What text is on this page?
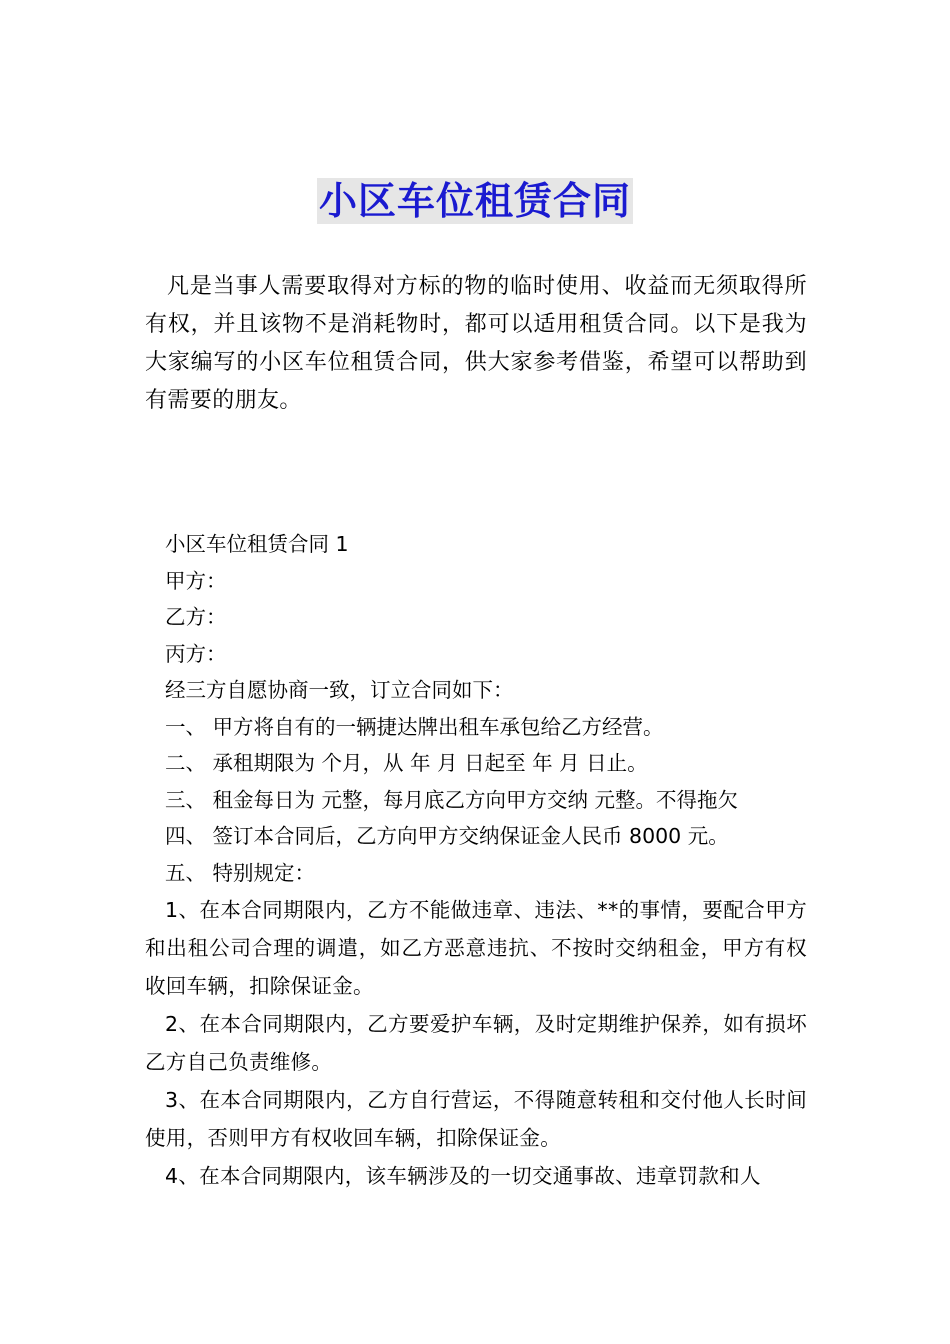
小区车位租赁合同

凡是当事人需要取得对方标的物的临时使用、收益而无须取得所有权，并且该物不是消耗物时，都可以适用租赁合同。以下是我为大家编写的小区车位租赁合同，供大家参考借鉴，希望可以帮助到有需要的朋友。

小区车位租赁合同 1
甲方：
乙方：
丙方：
经三方自愿协商一致，订立合同如下：
一、 甲方将自有的一辆捷达牌出租车承包给乙方经营。
二、 承租期限为 个月，从 年 月 日起至 年 月 日止。
三、 租金每日为 元整，每月底乙方向甲方交纳 元整。不得拖欠
四、 签订本合同后，乙方向甲方交纳保证金人民币 8000 元。
五、 特别规定：

1、在本合同期限内，乙方不能做违章、违法、**的事情，要配合甲方和出租公司合理的调遣，如乙方恶意违抗、不按时交纳租金，甲方有权收回车辆，扣除保证金。

2、在本合同期限内，乙方要爱护车辆，及时定期维护保养，如有损坏乙方自己负责维修。

3、在本合同期限内，乙方自行营运，不得随意转租和交付他人长时间使用，否则甲方有权收回车辆，扣除保证金。

4、在本合同期限内，该车辆涉及的一切交通事故、违章罚款和人
